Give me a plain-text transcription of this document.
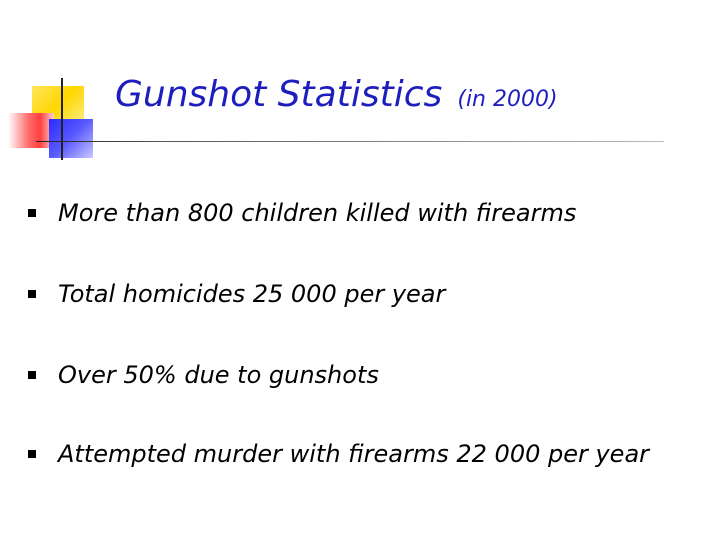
Gunshot Statistics (in 2000)
More than 800 children killed with firearms
Total homicides 25 000 per year
Over 50% due to gunshots
Attempted murder with firearms 22 000 per year
